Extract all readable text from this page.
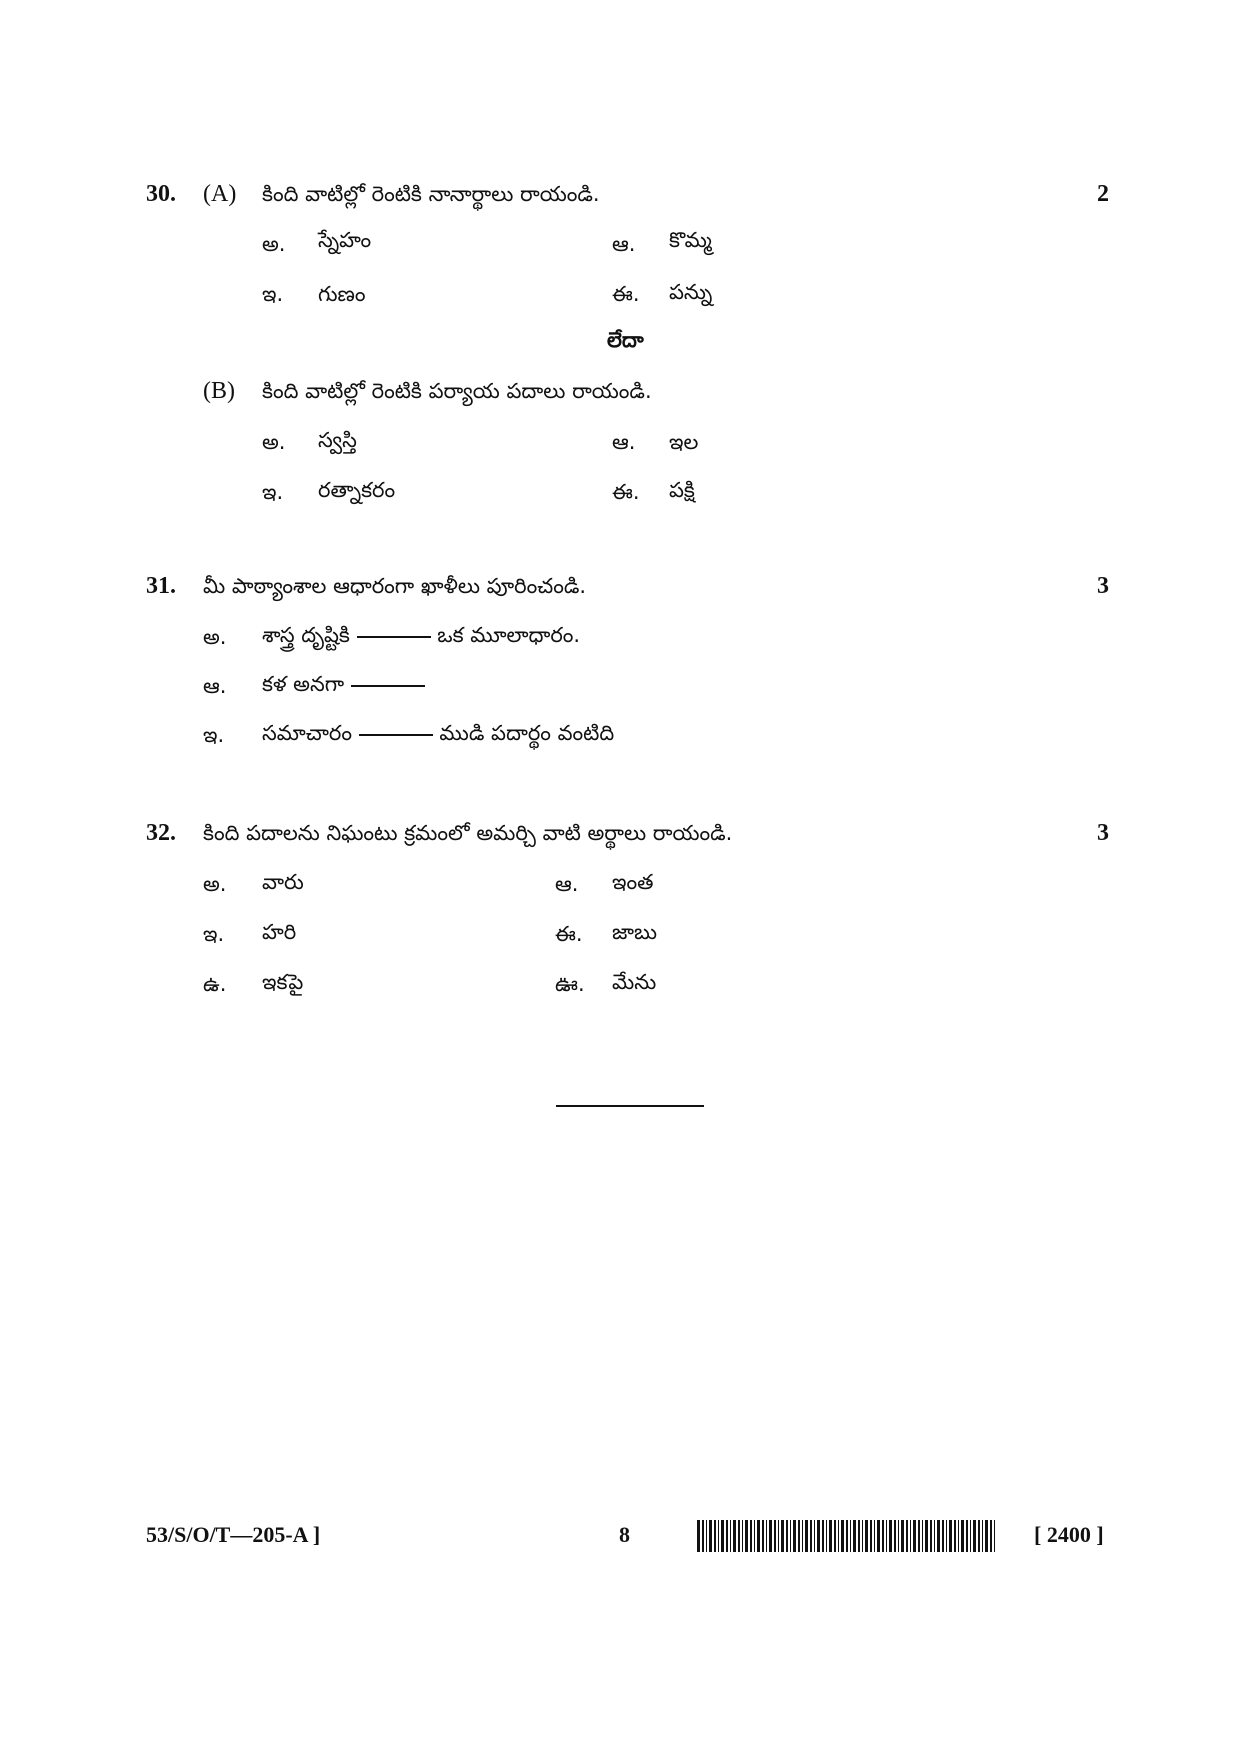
30. (A) కింది వాటిల్లో రెంటికి నానార్థాలు రాయండి.	2
అ. స్నేహం	ఆ. కొమ్మ
ఇ. గుణం	ఈ. పన్ను
లేదా
(B) కింది వాటిల్లో రెంటికి పర్యాయ పదాలు రాయండి.
అ. స్వస్తి	ఆ. ఇల
ఇ. రత్నాకరం	ఈ. పక్షి
31. మీ పాఠ్యాంశాల ఆధారంగా ఖాళీలు పూరించండి.	3
అ. శాస్త్ర దృష్టికి	ఒక మూలాధారం.
ఆ. కళ అనగా
ఇ. సమాచారం	ముడి పదార్థం వంటిది
32. కింది పదాలను నిఘంటు క్రమంలో అమర్చి వాటి అర్థాలు రాయండి.	3
అ. వారు	ఆ. ఇంత
ఇ. హరి	ఈ. జాబు
ఉ. ఇకపై	ఊ. మేను
53/S/O/T—205-A ]	8	[ 2400 ]
